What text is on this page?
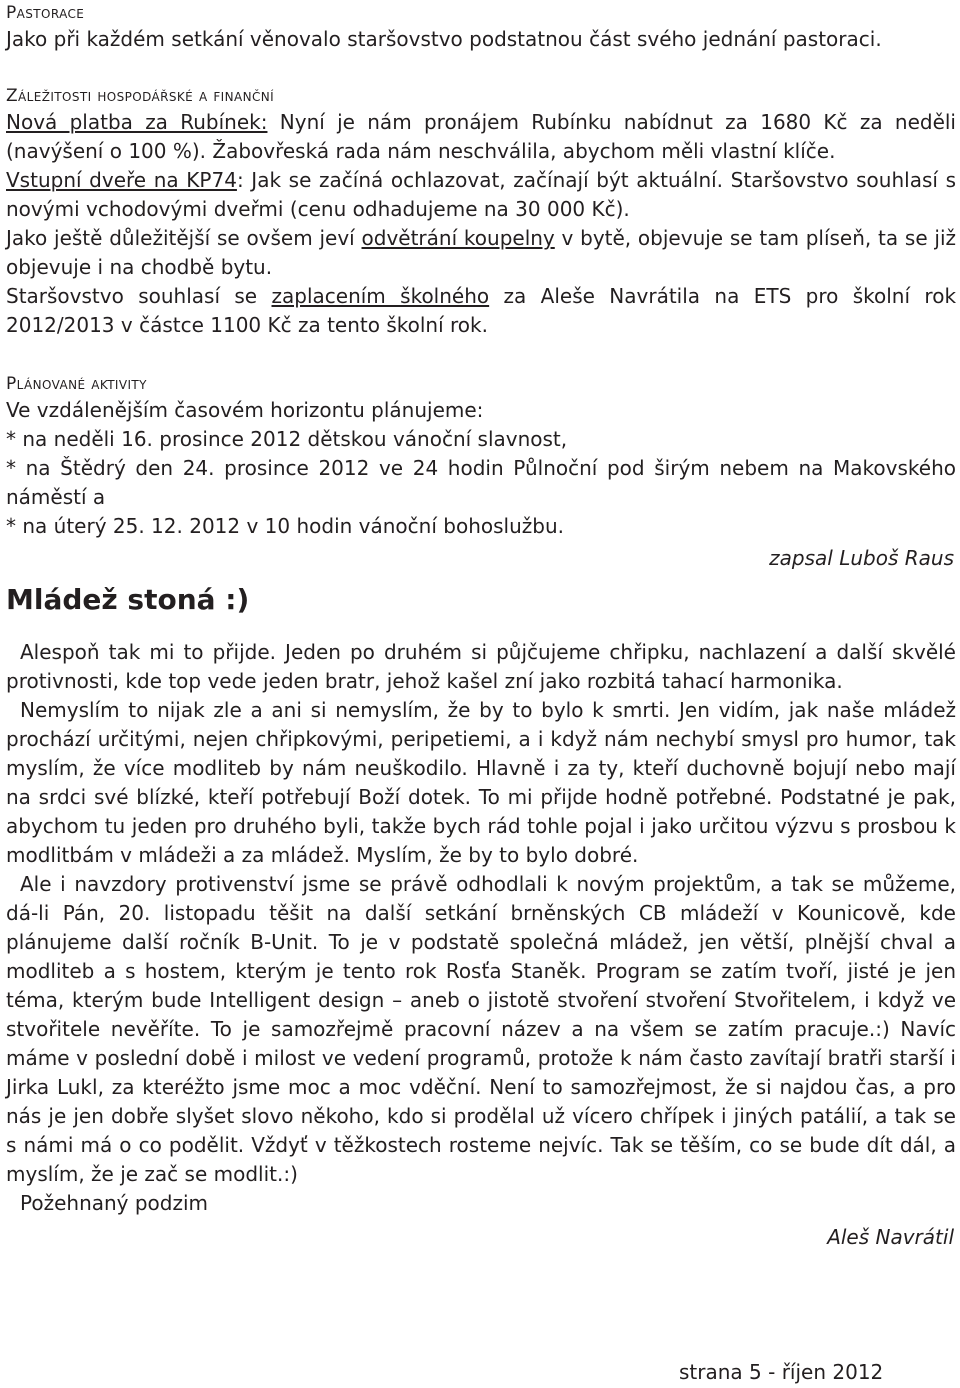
Pastorace

Jako při každém setkání věnovalo staršovstvo podstatnou část svého jednání pastoraci.

Záležitosti hospodářské a finanční

Nová platba za Rubínek: Nyní je nám pronájem Rubínku nabídnut za 1680 Kč za neděli (navýšení o 100 %). Žabovřeská rada nám neschválila, abychom měli vlastní klíče.

Vstupní dveře na KP74: Jak se začíná ochlazovat, začínají být aktuální. Staršovstvo souhlasí s novými vchodovými dveřmi (cenu odhadujeme na 30 000 Kč).

Jako ještě důležitější se ovšem jeví odvětrání koupelny v bytě, objevuje se tam plíseň, ta se již objevuje i na chodbě bytu.

Staršovstvo souhlasí se zaplacením školného za Aleše Navrátila na ETS pro školní rok 2012/2013 v částce 1100 Kč za tento školní rok.

Plánované aktivity

Ve vzdálenějším časovém horizontu plánujeme:

* na neděli 16. prosince 2012 dětskou vánoční slavnost,

* na Štědrý den 24. prosince 2012 ve 24 hodin Půlnoční pod širým nebem na Makovského náměstí a

* na úterý 25. 12. 2012 v 10 hodin vánoční bohoslužbu.

zapsal Luboš Raus

Mládež stoná :)

Alespoň tak mi to přijde. Jeden po druhém si půjčujeme chřipku, nachlazení a další skvělé protivnosti, kde top vede jeden bratr, jehož kašel zní jako rozbitá tahací harmonika.

Nemyslím to nijak zle a ani si nemyslím, že by to bylo k smrti. Jen vidím, jak naše mládež prochází určitými, nejen chřipkovými, peripetiemi, a i když nám nechybí smysl pro humor, tak myslím, že více modliteb by nám neuškodilo. Hlavně i za ty, kteří duchovně bojují nebo mají na srdci své blízké, kteří potřebují Boží dotek. To mi přijde hodně potřebné. Podstatné je pak, abychom tu jeden pro druhého byli, takže bych rád tohle pojal i jako určitou výzvu s prosbou k modlitbám v mládeži a za mládež. Myslím, že by to bylo dobré.

Ale i navzdory protivenství jsme se právě odhodlali k novým projektům, a tak se můžeme, dá-li Pán, 20. listopadu těšit na další setkání brněnských CB mládeží v Kounicově, kde plánujeme další ročník B-Unit. To je v podstatě společná mládež, jen větší, plnější chval a modliteb a s hostem, kterým je tento rok Rosťa Staněk. Program se zatím tvoří, jisté je jen téma, kterým bude Intelligent design – aneb o jistotě stvoření stvoření Stvořitelem, i když ve stvořitele nevěříte. To je samozřejmě pracovní název a na všem se zatím pracuje.:) Navíc máme v poslední době i milost ve vedení programů, protože k nám často zavítají bratři starší i Jirka Lukl, za kteréžto jsme moc a moc vděční. Není to samozřejmost, že si najdou čas, a pro nás je jen dobře slyšet slovo někoho, kdo si prodělal už vícero chřípek i jiných patálií, a tak se s námi má o co podělit. Vždyť v těžkostech rosteme nejvíc. Tak se těším, co se bude dít dál, a myslím, že je zač se modlit.:)

Požehnaný podzim

Aleš Navrátil

strana 5 - říjen 2012
